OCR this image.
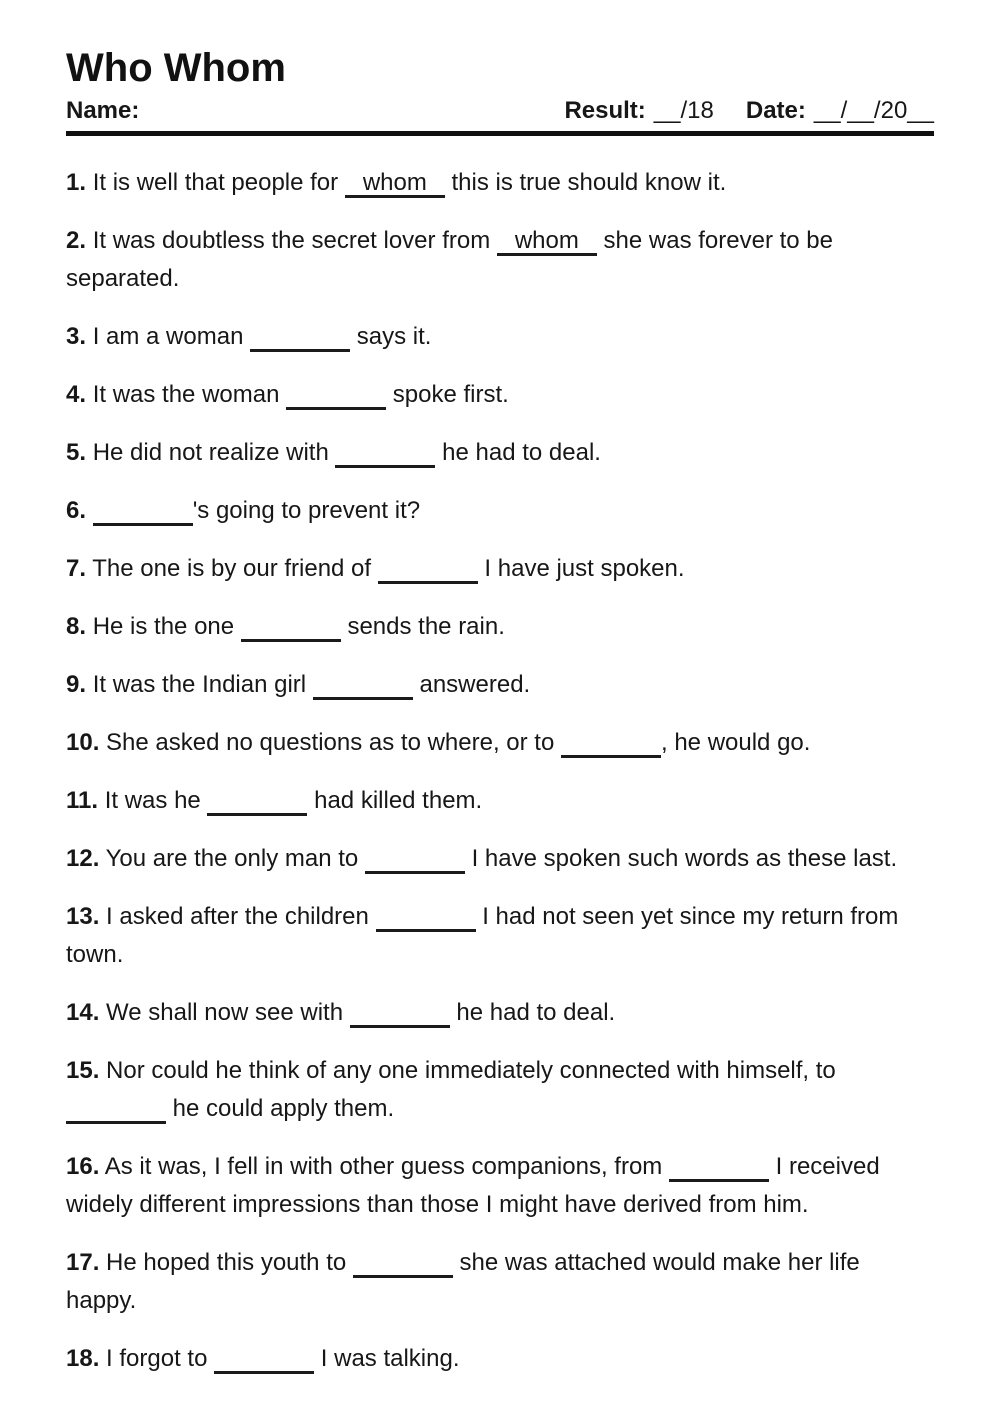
Who Whom
Name:	Result: __/18 Date: __/__/20__

1. It is well that people for whom this is true should know it.

2. It was doubtless the secret lover from whom she was forever to be separated.

3. I am a woman	says it.

4. It was the woman	spoke first.

5. He did not realize with	he had to deal.

6.	's going to prevent it?

7. The one is by our friend of	I have just spoken.

8. He is the one	sends the rain.

9. It was the Indian girl	answered.

10. She asked no questions as to where, or to	, he would go.

11. It was he	had killed them.

12. You are the only man to	I have spoken such words as these last.

13. I asked after the children	I had not seen yet since my return from town.

14. We shall now see with	he had to deal.

15. Nor could he think of any one immediately connected with himself, to
he could apply them.

16. As it was, I fell in with other guess companions, from	I received widely different impressions than those I might have derived from him.

17. He hoped this youth to	she was attached would make her life happy.

18. I forgot to	I was talking.
